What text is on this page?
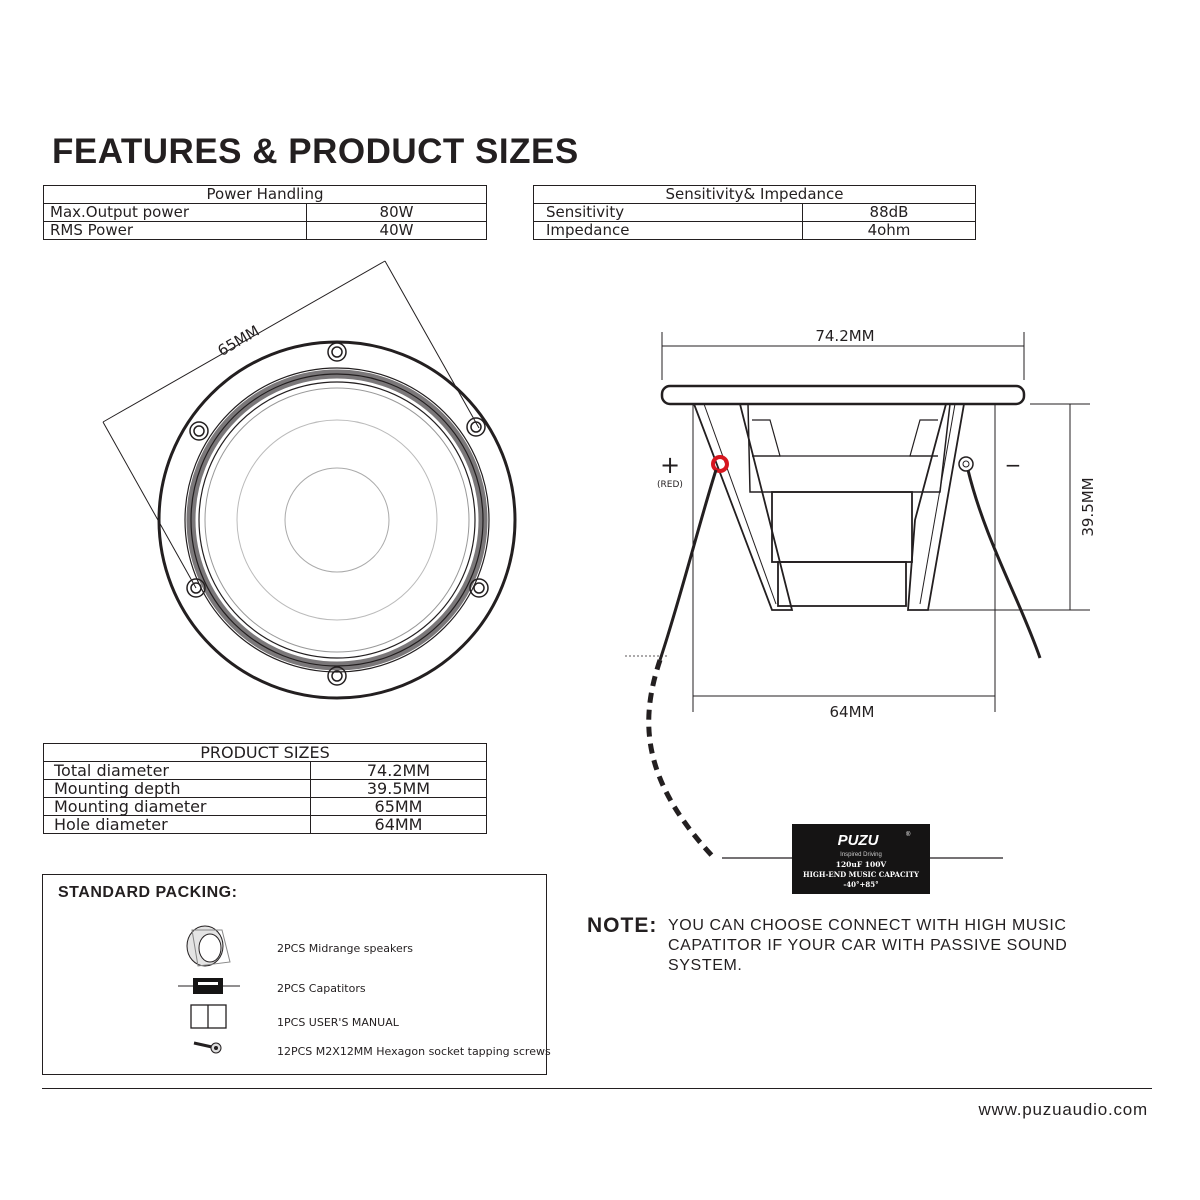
FEATURES & PRODUCT SIZES
Power Handling	
Max.Output power	80W
RMS Power	40W
Sensitivity& Impedance	
Sensitivity	88dB
Impedance	4ohm
PRODUCT SIZES	
Total diameter	74.2MM
Mounting depth	39.5MM
Mounting diameter	65MM
Hole diameter	64MM
PUZU	®
Inspired Driving
120uF 100V
HIGH-END MUSIC CAPACITY
-40°+85°
65MM	74.2MM
39.5MM
64MM
+
(RED)
−
STANDARD PACKING:
2PCS Midrange speakers
2PCS Capatitors
1PCS USER'S MANUAL
12PCS M2X12MM Hexagon socket tapping screws
NOTE: YOU CAN CHOOSE CONNECT WITH HIGH MUSIC CAPATITOR IF YOUR CAR WITH PASSIVE SOUND SYSTEM.
www.puzuaudio.com
